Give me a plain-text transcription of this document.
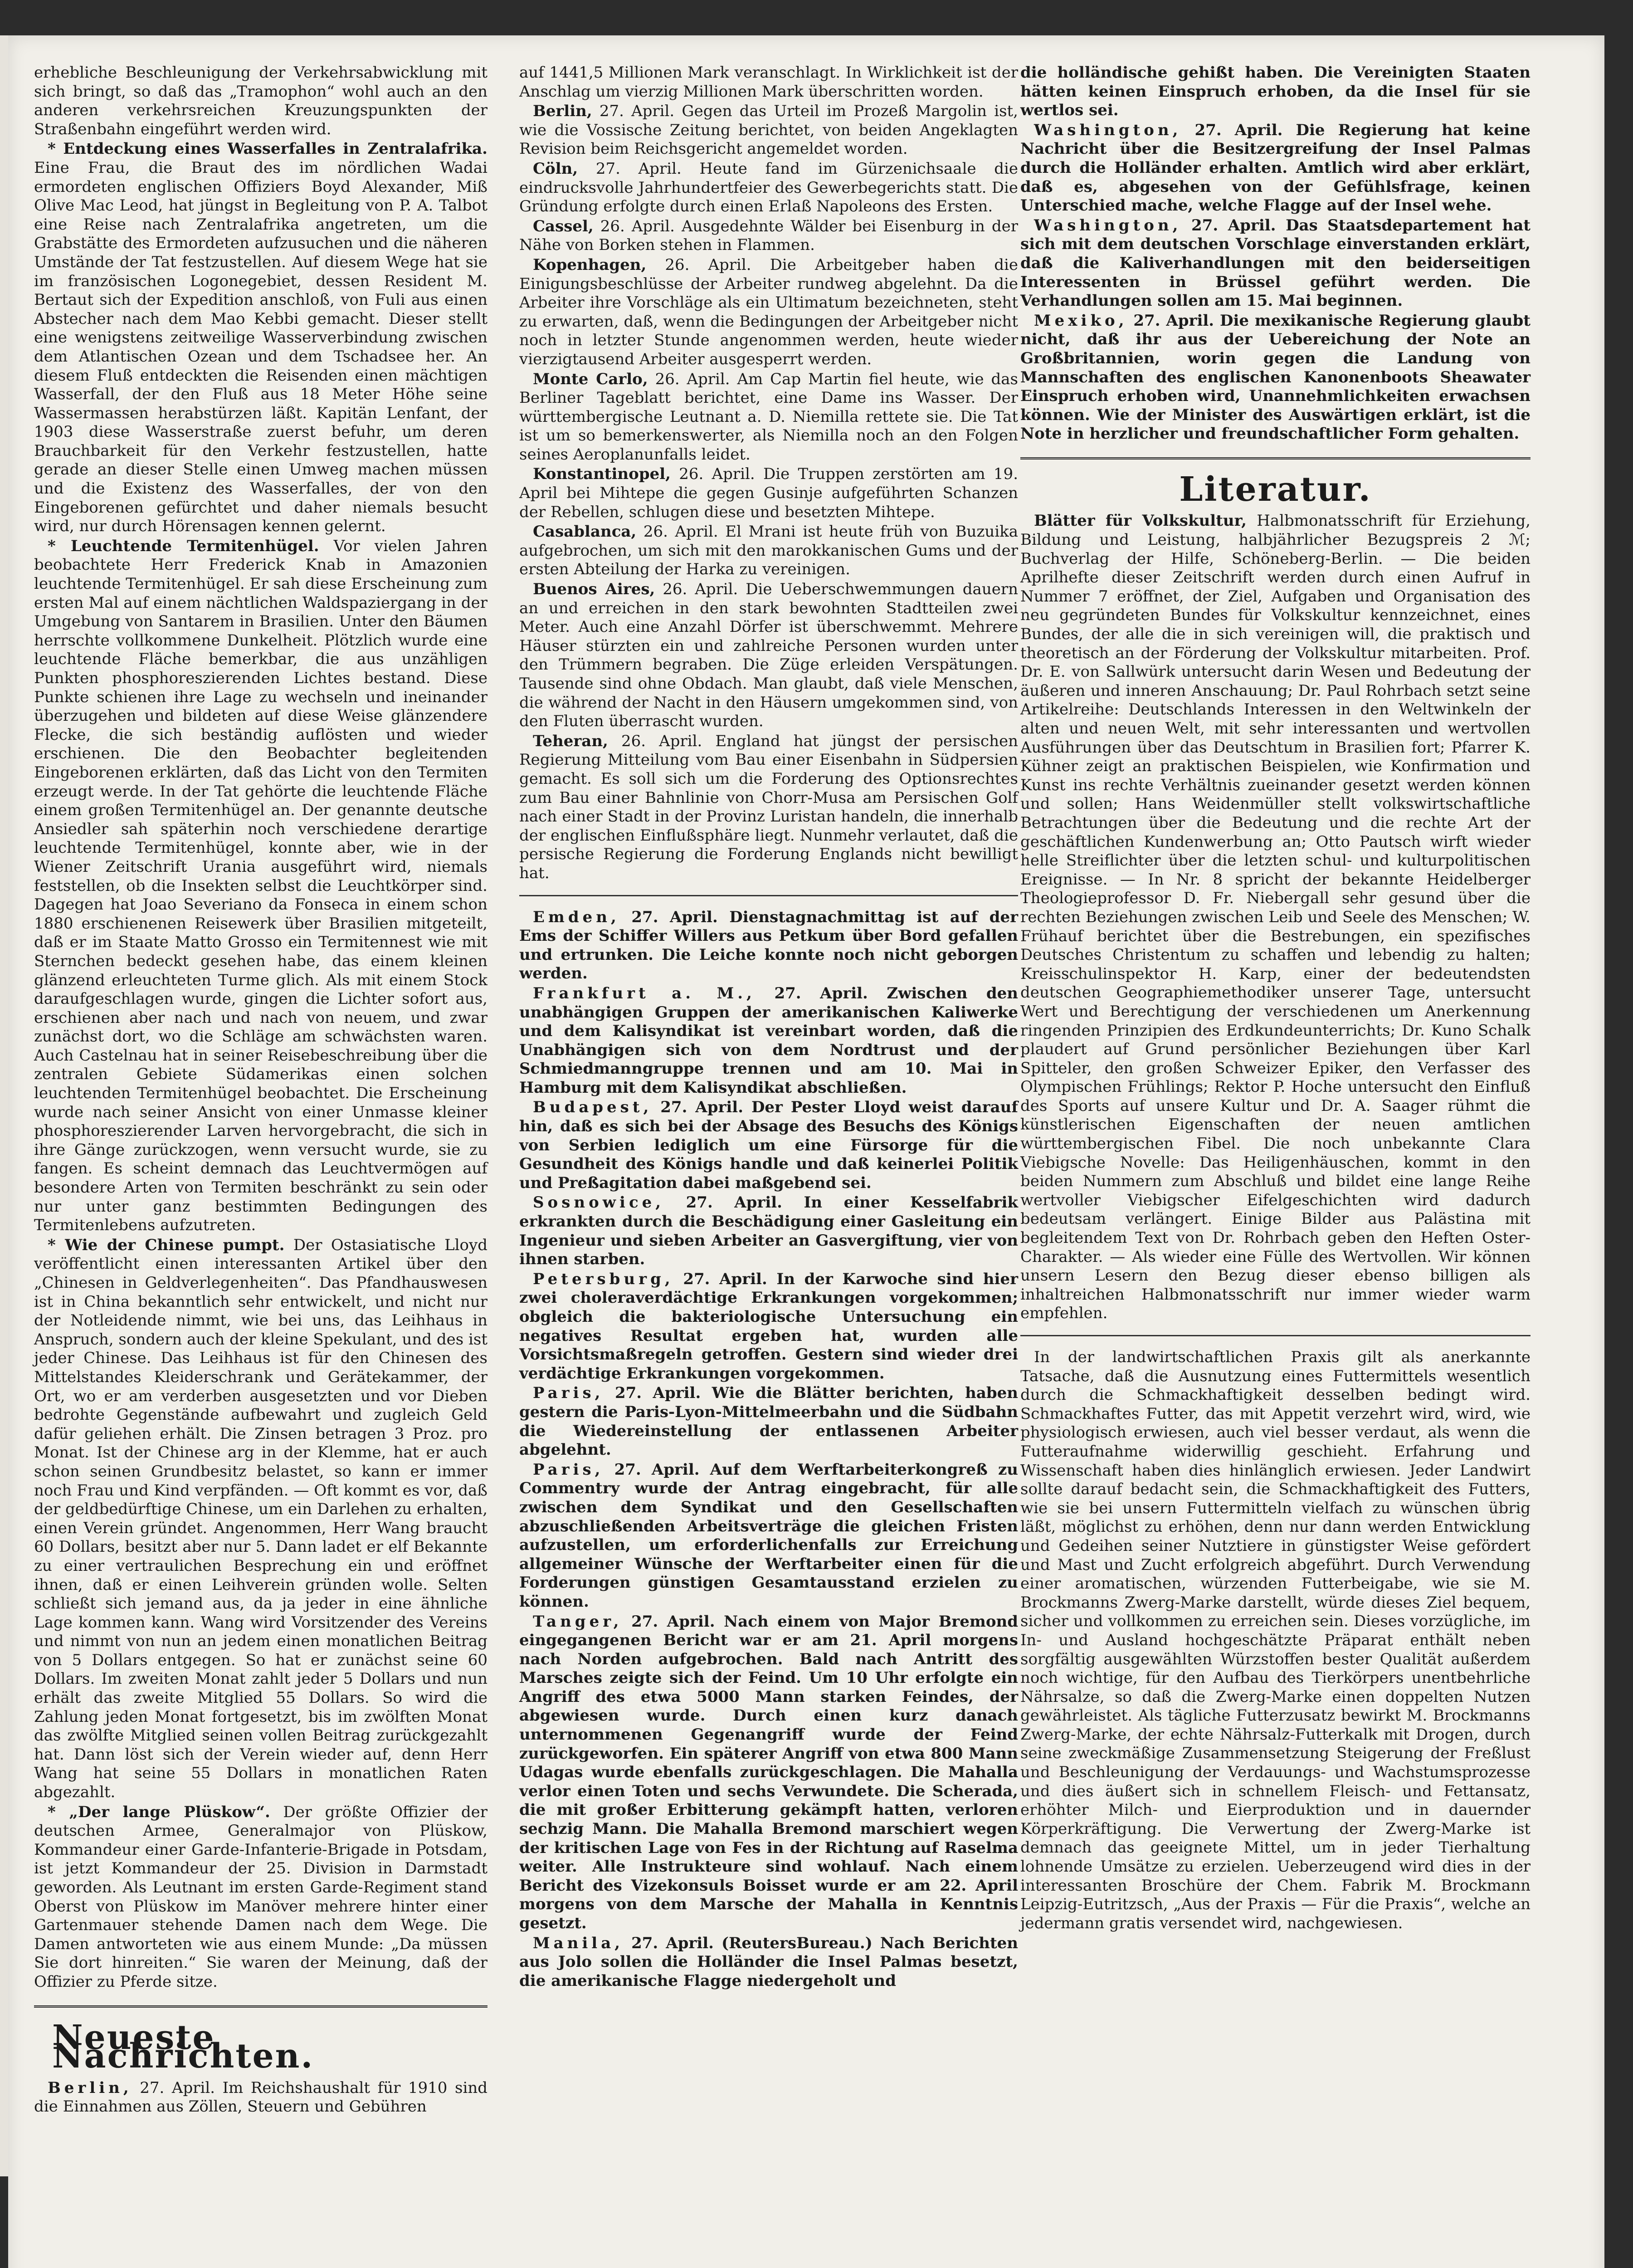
erhebliche Beschleunigung der Verkehrsabwicklung mit sich bringt, so daß das „Tramophon“ wohl auch an den anderen verkehrsreichen Kreuzungspunkten der Straßenbahn eingeführt werden wird.

* Entdeckung eines Wasserfalles in Zentralafrika. Eine Frau, die Braut des im nördlichen Wadai ermordeten englischen Offiziers Boyd Alexander, Miß Olive Mac Leod, hat jüngst in Begleitung von P. A. Talbot eine Reise nach Zentralafrika angetreten, um die Grabstätte des Ermordeten aufzusuchen und die näheren Umstände der Tat festzustellen. Auf diesem Wege hat sie im französischen Logonegebiet, dessen Resident M. Bertaut sich der Expedition anschloß, von Fuli aus einen Abstecher nach dem Mao Kebbi gemacht. Dieser stellt eine wenigstens zeitweilige Wasserverbindung zwischen dem Atlantischen Ozean und dem Tschadsee her. An diesem Fluß entdeckten die Reisenden einen mächtigen Wasserfall, der den Fluß aus 18 Meter Höhe seine Wassermassen herabstürzen läßt. Kapitän Lenfant, der 1903 diese Wasserstraße zuerst befuhr, um deren Brauchbarkeit für den Verkehr festzustellen, hatte gerade an dieser Stelle einen Umweg machen müssen und die Existenz des Wasserfalles, der von den Eingeborenen gefürchtet und daher niemals besucht wird, nur durch Hörensagen kennen gelernt.

* Leuchtende Termitenhügel. Vor vielen Jahren beobachtete Herr Frederick Knab in Amazonien leuchtende Termitenhügel. Er sah diese Erscheinung zum ersten Mal auf einem nächtlichen Waldspaziergang in der Umgebung von Santarem in Brasilien. Unter den Bäumen herrschte vollkommene Dunkelheit. Plötzlich wurde eine leuchtende Fläche bemerkbar, die aus unzähligen Punkten phosphoreszierenden Lichtes bestand. Diese Punkte schienen ihre Lage zu wechseln und ineinander überzugehen und bildeten auf diese Weise glänzendere Flecke, die sich beständig auflösten und wieder erschienen. Die den Beobachter begleitenden Eingeborenen erklärten, daß das Licht von den Termiten erzeugt werde. In der Tat gehörte die leuchtende Fläche einem großen Termitenhügel an. Der genannte deutsche Ansiedler sah späterhin noch verschiedene derartige leuchtende Termitenhügel, konnte aber, wie in der Wiener Zeitschrift Urania ausgeführt wird, niemals feststellen, ob die Insekten selbst die Leuchtkörper sind. Dagegen hat Joao Severiano da Fonseca in einem schon 1880 erschienenen Reisewerk über Brasilien mitgeteilt, daß er im Staate Matto Grosso ein Termitennest wie mit Sternchen bedeckt gesehen habe, das einem kleinen glänzend erleuchteten Turme glich. Als mit einem Stock daraufgeschlagen wurde, gingen die Lichter sofort aus, erschienen aber nach und nach von neuem, und zwar zunächst dort, wo die Schläge am schwächsten waren. Auch Castelnau hat in seiner Reisebeschreibung über die zentralen Gebiete Südamerikas einen solchen leuchtenden Termitenhügel beobachtet. Die Erscheinung wurde nach seiner Ansicht von einer Unmasse kleiner phosphoreszierender Larven hervorgebracht, die sich in ihre Gänge zurückzogen, wenn versucht wurde, sie zu fangen. Es scheint demnach das Leuchtvermögen auf besondere Arten von Termiten beschränkt zu sein oder nur unter ganz bestimmten Bedingungen des Termitenlebens aufzutreten.

* Wie der Chinese pumpt. Der Ostasiatische Lloyd veröffentlicht einen interessanten Artikel über den „Chinesen in Geldverlegenheiten“. Das Pfandhauswesen ist in China bekanntlich sehr entwickelt, und nicht nur der Notleidende nimmt, wie bei uns, das Leihhaus in Anspruch, sondern auch der kleine Spekulant, und des ist jeder Chinese. Das Leihhaus ist für den Chinesen des Mittelstandes Kleiderschrank und Gerätekammer, der Ort, wo er am verderben ausgesetzten und vor Dieben bedrohte Gegenstände aufbewahrt und zugleich Geld dafür geliehen erhält. Die Zinsen betragen 3 Proz. pro Monat. Ist der Chinese arg in der Klemme, hat er auch schon seinen Grundbesitz belastet, so kann er immer noch Frau und Kind verpfänden. — Oft kommt es vor, daß der geldbedürftige Chinese, um ein Darlehen zu erhalten, einen Verein gründet. Angenommen, Herr Wang braucht 60 Dollars, besitzt aber nur 5. Dann ladet er elf Bekannte zu einer vertraulichen Besprechung ein und eröffnet ihnen, daß er einen Leihverein gründen wolle. Selten schließt sich jemand aus, da ja jeder in eine ähnliche Lage kommen kann. Wang wird Vorsitzender des Vereins und nimmt von nun an jedem einen monatlichen Beitrag von 5 Dollars entgegen. So hat er zunächst seine 60 Dollars. Im zweiten Monat zahlt jeder 5 Dollars und nun erhält das zweite Mitglied 55 Dollars. So wird die Zahlung jeden Monat fortgesetzt, bis im zwölften Monat das zwölfte Mitglied seinen vollen Beitrag zurückgezahlt hat. Dann löst sich der Verein wieder auf, denn Herr Wang hat seine 55 Dollars in monatlichen Raten abgezahlt.

* „Der lange Plüskow“. Der größte Offizier der deutschen Armee, Generalmajor von Plüskow, Kommandeur einer Garde-Infanterie-Brigade in Potsdam, ist jetzt Kommandeur der 25. Division in Darmstadt geworden. Als Leutnant im ersten Garde-Regiment stand Oberst von Plüskow im Manöver mehrere hinter einer Gartenmauer stehende Damen nach dem Wege. Die Damen antworteten wie aus einem Munde: „Da müssen Sie dort hinreiten.“ Sie waren der Meinung, daß der Offizier zu Pferde sitze.

Neueste Nachrichten.

Berlin, 27. April. Im Reichshaushalt für 1910 sind die Einnahmen aus Zöllen, Steuern und Gebühren

auf 1441,5 Millionen Mark veranschlagt. In Wirklichkeit ist der Anschlag um vierzig Millionen Mark überschritten worden.

Berlin, 27. April. Gegen das Urteil im Prozeß Margolin ist, wie die Vossische Zeitung berichtet, von beiden Angeklagten Revision beim Reichsgericht angemeldet worden.

Cöln, 27. April. Heute fand im Gürzenichsaale die eindrucksvolle Jahrhundertfeier des Gewerbegerichts statt. Die Gründung erfolgte durch einen Erlaß Napoleons des Ersten.

Cassel, 26. April. Ausgedehnte Wälder bei Eisenburg in der Nähe von Borken stehen in Flammen.

Kopenhagen, 26. April. Die Arbeitgeber haben die Einigungsbeschlüsse der Arbeiter rundweg abgelehnt. Da die Arbeiter ihre Vorschläge als ein Ultimatum bezeichneten, steht zu erwarten, daß, wenn die Bedingungen der Arbeitgeber nicht noch in letzter Stunde angenommen werden, heute wieder vierzigtausend Arbeiter ausgesperrt werden.

Monte Carlo, 26. April. Am Cap Martin fiel heute, wie das Berliner Tageblatt berichtet, eine Dame ins Wasser. Der württembergische Leutnant a. D. Niemilla rettete sie. Die Tat ist um so bemerkenswerter, als Niemilla noch an den Folgen seines Aeroplanunfalls leidet.

Konstantinopel, 26. April. Die Truppen zerstörten am 19. April bei Mihtepe die gegen Gusinje aufgeführten Schanzen der Rebellen, schlugen diese und besetzten Mihtepe.

Casablanca, 26. April. El Mrani ist heute früh von Buzuika aufgebrochen, um sich mit den marokkanischen Gums und der ersten Abteilung der Harka zu vereinigen.

Buenos Aires, 26. April. Die Ueberschwemmungen dauern an und erreichen in den stark bewohnten Stadtteilen zwei Meter. Auch eine Anzahl Dörfer ist überschwemmt. Mehrere Häuser stürzten ein und zahlreiche Personen wurden unter den Trümmern begraben. Die Züge erleiden Verspätungen. Tausende sind ohne Obdach. Man glaubt, daß viele Menschen, die während der Nacht in den Häusern umgekommen sind, von den Fluten überrascht wurden.

Teheran, 26. April. England hat jüngst der persischen Regierung Mitteilung vom Bau einer Eisenbahn in Südpersien gemacht. Es soll sich um die Forderung des Optionsrechtes zum Bau einer Bahnlinie von Chorr-Musa am Persischen Golf nach einer Stadt in der Provinz Luristan handeln, die innerhalb der englischen Einflußsphäre liegt. Nunmehr verlautet, daß die persische Regierung die Forderung Englands nicht bewilligt hat.

Emden, 27. April. Dienstagnachmittag ist auf der Ems der Schiffer Willers aus Petkum über Bord gefallen und ertrunken. Die Leiche konnte noch nicht geborgen werden.

Frankfurt a. M., 27. April. Zwischen den unabhängigen Gruppen der amerikanischen Kaliwerke und dem Kalisyndikat ist vereinbart worden, daß die Unabhängigen sich von dem Nordtrust und der Schmiedmanngruppe trennen und am 10. Mai in Hamburg mit dem Kalisyndikat abschließen.

Budapest, 27. April. Der Pester Lloyd weist darauf hin, daß es sich bei der Absage des Besuchs des Königs von Serbien lediglich um eine Fürsorge für die Gesundheit des Königs handle und daß keinerlei Politik und Preßagitation dabei maßgebend sei.

Sosnowice, 27. April. In einer Kesselfabrik erkrankten durch die Beschädigung einer Gasleitung ein Ingenieur und sieben Arbeiter an Gasvergiftung, vier von ihnen starben.

Petersburg, 27. April. In der Karwoche sind hier zwei choleraverdächtige Erkrankungen vorgekommen; obgleich die bakteriologische Untersuchung ein negatives Resultat ergeben hat, wurden alle Vorsichtsmaßregeln getroffen. Gestern sind wieder drei verdächtige Erkrankungen vorgekommen.

Paris, 27. April. Wie die Blätter berichten, haben gestern die Paris-Lyon-Mittelmeerbahn und die Südbahn die Wiedereinstellung der entlassenen Arbeiter abgelehnt.

Paris, 27. April. Auf dem Werftarbeiterkongreß zu Commentry wurde der Antrag eingebracht, für alle zwischen dem Syndikat und den Gesellschaften abzuschließenden Arbeitsverträge die gleichen Fristen aufzustellen, um erforderlichenfalls zur Erreichung allgemeiner Wünsche der Werftarbeiter einen für die Forderungen günstigen Gesamtausstand erzielen zu können.

Tanger, 27. April. Nach einem von Major Bremond eingegangenen Bericht war er am 21. April morgens nach Norden aufgebrochen. Bald nach Antritt des Marsches zeigte sich der Feind. Um 10 Uhr erfolgte ein Angriff des etwa 5000 Mann starken Feindes, der abgewiesen wurde. Durch einen kurz danach unternommenen Gegenangriff wurde der Feind zurückgeworfen. Ein späterer Angriff von etwa 800 Mann Udagas wurde ebenfalls zurückgeschlagen. Die Mahalla verlor einen Toten und sechs Verwundete. Die Scherada, die mit großer Erbitterung gekämpft hatten, verloren sechzig Mann. Die Mahalla Bremond marschiert wegen der kritischen Lage von Fes in der Richtung auf Raselma weiter. Alle Instrukteure sind wohlauf. Nach einem Bericht des Vizekonsuls Boisset wurde er am 22. April morgens von dem Marsche der Mahalla in Kenntnis gesetzt.

Manila, 27. April. (ReutersBureau.) Nach Berichten aus Jolo sollen die Holländer die Insel Palmas besetzt, die amerikanische Flagge niedergeholt und

die holländische gehißt haben. Die Vereinigten Staaten hätten keinen Einspruch erhoben, da die Insel für sie wertlos sei.

Washington, 27. April. Die Regierung hat keine Nachricht über die Besitzergreifung der Insel Palmas durch die Holländer erhalten. Amtlich wird aber erklärt, daß es, abgesehen von der Gefühlsfrage, keinen Unterschied mache, welche Flagge auf der Insel wehe.

Washington, 27. April. Das Staatsdepartement hat sich mit dem deutschen Vorschlage einverstanden erklärt, daß die Kaliverhandlungen mit den beiderseitigen Interessenten in Brüssel geführt werden. Die Verhandlungen sollen am 15. Mai beginnen.

Mexiko, 27. April. Die mexikanische Regierung glaubt nicht, daß ihr aus der Uebereichung der Note an Großbritannien, worin gegen die Landung von Mannschaften des englischen Kanonenboots Sheawater Einspruch erhoben wird, Unannehmlichkeiten erwachsen können. Wie der Minister des Auswärtigen erklärt, ist die Note in herzlicher und freundschaftlicher Form gehalten.

Literatur.

Blätter für Volkskultur, Halbmonatsschrift für Erziehung, Bildung und Leistung, halbjährlicher Bezugspreis 2 ℳ; Buchverlag der Hilfe, Schöneberg-Berlin. — Die beiden Aprilhefte dieser Zeitschrift werden durch einen Aufruf in Nummer 7 eröffnet, der Ziel, Aufgaben und Organisation des neu gegründeten Bundes für Volkskultur kennzeichnet, eines Bundes, der alle die in sich vereinigen will, die praktisch und theoretisch an der Förderung der Volkskultur mitarbeiten. Prof. Dr. E. von Sallwürk untersucht darin Wesen und Bedeutung der äußeren und inneren Anschauung; Dr. Paul Rohrbach setzt seine Artikelreihe: Deutschlands Interessen in den Weltwinkeln der alten und neuen Welt, mit sehr interessanten und wertvollen Ausführungen über das Deutschtum in Brasilien fort; Pfarrer K. Kühner zeigt an praktischen Beispielen, wie Konfirmation und Kunst ins rechte Verhältnis zueinander gesetzt werden können und sollen; Hans Weidenmüller stellt volkswirtschaftliche Betrachtungen über die Bedeutung und die rechte Art der geschäftlichen Kundenwerbung an; Otto Pautsch wirft wieder helle Streiflichter über die letzten schul- und kulturpolitischen Ereignisse. — In Nr. 8 spricht der bekannte Heidelberger Theologieprofessor D. Fr. Niebergall sehr gesund über die rechten Beziehungen zwischen Leib und Seele des Menschen; W. Frühauf berichtet über die Bestrebungen, ein spezifisches Deutsches Christentum zu schaffen und lebendig zu halten; Kreisschulinspektor H. Karp, einer der bedeutendsten deutschen Geographiemethodiker unserer Tage, untersucht Wert und Berechtigung der verschiedenen um Anerkennung ringenden Prinzipien des Erdkundeunterrichts; Dr. Kuno Schalk plaudert auf Grund persönlicher Beziehungen über Karl Spitteler, den großen Schweizer Epiker, den Verfasser des Olympischen Frühlings; Rektor P. Hoche untersucht den Einfluß des Sports auf unsere Kultur und Dr. A. Saager rühmt die künstlerischen Eigenschaften der neuen amtlichen württembergischen Fibel. Die noch unbekannte Clara Viebigsche Novelle: Das Heiligenhäuschen, kommt in den beiden Nummern zum Abschluß und bildet eine lange Reihe wertvoller Viebigscher Eifelgeschichten wird dadurch bedeutsam verlängert. Einige Bilder aus Palästina mit begleitendem Text von Dr. Rohrbach geben den Heften Oster-Charakter. — Als wieder eine Fülle des Wertvollen. Wir können unsern Lesern den Bezug dieser ebenso billigen als inhaltreichen Halbmonatsschrift nur immer wieder warm empfehlen.

In der landwirtschaftlichen Praxis gilt als anerkannte Tatsache, daß die Ausnutzung eines Futtermittels wesentlich durch die Schmackhaftigkeit desselben bedingt wird. Schmackhaftes Futter, das mit Appetit verzehrt wird, wird, wie physiologisch erwiesen, auch viel besser verdaut, als wenn die Futteraufnahme widerwillig geschieht. Erfahrung und Wissenschaft haben dies hinlänglich erwiesen. Jeder Landwirt sollte darauf bedacht sein, die Schmackhaftigkeit des Futters, wie sie bei unsern Futtermitteln vielfach zu wünschen übrig läßt, möglichst zu erhöhen, denn nur dann werden Entwicklung und Gedeihen seiner Nutztiere in günstigster Weise gefördert und Mast und Zucht erfolgreich abgeführt. Durch Verwendung einer aromatischen, würzenden Futterbeigabe, wie sie M. Brockmanns Zwerg-Marke darstellt, würde dieses Ziel bequem, sicher und vollkommen zu erreichen sein. Dieses vorzügliche, im In- und Ausland hochgeschätzte Präparat enthält neben sorgfältig ausgewählten Würzstoffen bester Qualität außerdem noch wichtige, für den Aufbau des Tierkörpers unentbehrliche Nährsalze, so daß die Zwerg-Marke einen doppelten Nutzen gewährleistet. Als tägliche Futterzusatz bewirkt M. Brockmanns Zwerg-Marke, der echte Nährsalz-Futterkalk mit Drogen, durch seine zweckmäßige Zusammensetzung Steigerung der Freßlust und Beschleunigung der Verdauungs- und Wachstumsprozesse und dies äußert sich in schnellem Fleisch- und Fettansatz, erhöhter Milch- und Eierproduktion und in dauernder Körperkräftigung. Die Verwertung der Zwerg-Marke ist demnach das geeignete Mittel, um in jeder Tierhaltung lohnende Umsätze zu erzielen. Ueberzeugend wird dies in der interessanten Broschüre der Chem. Fabrik M. Brockmann Leipzig-Eutritzsch, „Aus der Praxis — Für die Praxis“, welche an jedermann gratis versendet wird, nachgewiesen.
